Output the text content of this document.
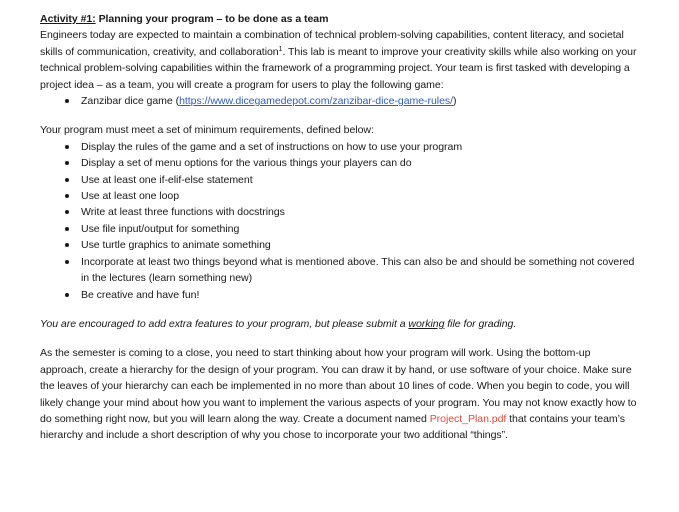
Activity #1: Planning your program – to be done as a team

Engineers today are expected to maintain a combination of technical problem-solving capabilities, content literacy, and societal skills of communication, creativity, and collaboration$^1$. This lab is meant to improve your creativity skills while also working on your technical problem-solving capabilities within the framework of a programming project. Your team is first tasked with developing a project idea – as a team, you will create a program for users to play the following game:

Zanzibar dice game (https://www.dicegamedepot.com/zanzibar-dice-game-rules/)

Your program must meet a set of minimum requirements, defined below:

Display the rules of the game and a set of instructions on how to use your program
Display a set of menu options for the various things your players can do
Use at least one if-elif-else statement
Use at least one loop
Write at least three functions with docstrings
Use file input/output for something
Use turtle graphics to animate something
Incorporate at least two things beyond what is mentioned above. This can also be and should be something not covered in the lectures (learn something new)
Be creative and have fun!

You are encouraged to add extra features to your program, but please submit a working file for grading.

As the semester is coming to a close, you need to start thinking about how your program will work. Using the bottom-up approach, create a hierarchy for the design of your program. You can draw it by hand, or use software of your choice. Make sure the leaves of your hierarchy can each be implemented in no more than about 10 lines of code. When you begin to code, you will likely change your mind about how you want to implement the various aspects of your program. You may not know exactly how to do something right now, but you will learn along the way. Create a document named Project_Plan.pdf that contains your team’s hierarchy and include a short description of why you chose to incorporate your two additional “things”.
